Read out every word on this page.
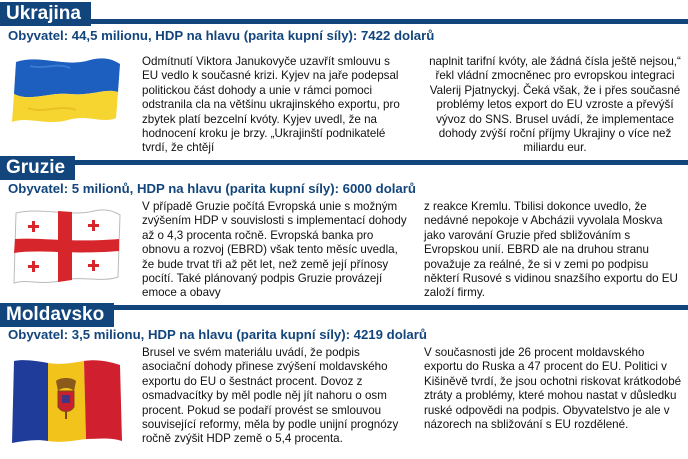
Ukrajina
Obyvatel: 44,5 milionu, HDP na hlavu (parita kupní síly): 7422 dolarů
Odmítnutí Viktora Janukovyče uzavřít smlouvu s EU vedlo k současné krizi. Kyjev na jaře podepsal politickou část dohody a unie v rámci pomoci odstranila cla na většinu ukrajinského exportu, pro zbytek platí bezcelní kvóty. Kyjev uvedl, že na hodnocení kroku je brzy. „Ukrajinští podnikatelé tvrdí, že chtějí
naplnit tarifní kvóty, ale žádná čísla ještě nejsou,“ řekl vládní zmocněnec pro evropskou integraci Valerij Pjatnyckyj. Čeká však, že i přes současné problémy letos export do EU vzroste a převýší vývoz do SNS. Brusel uvádí, že implementace dohody zvýší roční příjmy Ukrajiny o více než miliardu eur.
Gruzie
Obyvatel: 5 milionů, HDP na hlavu (parita kupní síly): 6000 dolarů
V případě Gruzie počítá Evropská unie s možným zvýšením HDP v souvislosti s implementací dohody až o 4,3 procenta ročně. Evropská banka pro obnovu a rozvoj (EBRD) však tento měsíc uvedla, že bude trvat tři až pět let, než země její přínosy pocítí. Také plánovaný podpis Gruzie provázejí emoce a obavy
z reakce Kremlu. Tbilisi dokonce uvedlo, že nedávné nepokoje v Abcházii vyvolala Moskva jako varování Gruzie před sbližováním s Evropskou unií. EBRD ale na druhou stranu považuje za reálné, že si v zemi po podpisu některí Rusové s vidinou snazšího exportu do EU založí firmy.
Moldavsko
Obyvatel: 3,5 milionu, HDP na hlavu (parita kupní síly): 4219 dolarů
Brusel ve svém materiálu uvádí, že podpis asociační dohody přinese zvýšení moldavského exportu do EU o šestnáct procent. Dovoz z osmadvacítky by měl podle něj jít nahoru o osm procent. Pokud se podaří provést se smlouvou související reformy, měla by podle unijní prognózy ročně zvýšit HDP země o 5,4 procenta.
V současnosti jde 26 procent moldavského exportu do Ruska a 47 procent do EU. Politici v Kišiněvě tvrdí, že jsou ochotni riskovat krátkodobé ztráty a problémy, které mohou nastat v důsledku ruské odpovědi na podpis. Obyvatelstvo je ale v názorech na sbližování s EU rozdělené.
